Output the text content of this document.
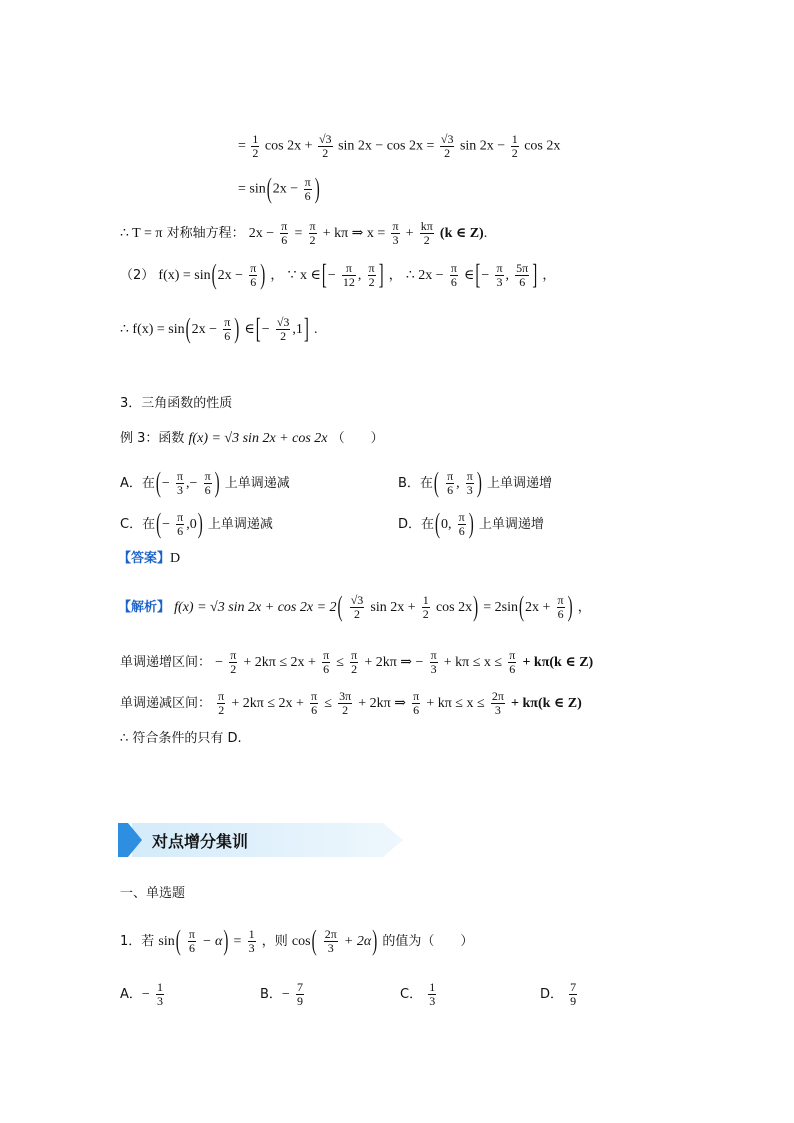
= $\frac{1}{2}$ $\cos 2x + \frac{√3}{2}$ $\sin 2x - \cos 2x = \frac{√3}{2}$ $\sin 2x - \frac{1}{2}$ cos 2x
= $\sin(2x - \frac{\pi}{6}$ )
∴ T = π 对称轴方程： $2x - \frac{\pi}{6} = \frac{\pi}{2} + k\pi$ ⇒ $x = \frac{\pi}{3} + \frac{k\pi}{2} (k$ ∈ Z).
（2） $f(x) = \sin(2x - \frac{\pi}{6}$ ) ， ∵ x ∈[− $\frac{\pi}{12}$ , $\frac{\pi}{2}$ ] ， ∴ $2x - \frac{\pi}{6}$ ∈[− $\frac{\pi}{3}$ , $\frac{5\pi}{6}$ ] ，
∴ $f(x) = \sin(2x - \frac{\pi}{6}$ ) ∈[− $\frac{√3}{2} ,1$] .
3．三角函数的性质
例 3：函数 f(x) = √3 sin 2x + cos 2x （　　）
A．在(− $\frac{\pi}{3}$ ,− $\frac{\pi}{6}$ ) 上单调递减	B．在( $\frac{\pi}{6}$ , $\frac{\pi}{3}$ ) 上单调递增
C．在(− $\frac{\pi}{6} ,0$) 上单调递减	D．在(0, $\frac{\pi}{6}$ ) 上单调递增
【答案】D
【解析】 f(x) = √3 $\sin 2x + \cos 2x = 2( \frac{√3}{2}$ $\sin 2x + \frac{1}{2}$ $\cos 2x) = 2\sin(2x + \frac{\pi}{6}$ ) ，
单调递增区间： − $\frac{\pi}{2} + 2k\pi \le 2x + \frac{\pi}{6} \le \frac{\pi}{2} + 2k\pi$ ⇒ − $\frac{\pi}{3} + k\pi \le x \le \frac{\pi}{6} + k\pi(k$ ∈ Z)
单调递减区间： $\frac{\pi}{2} + 2k\pi \le 2x + \frac{\pi}{6} \le \frac{3\pi}{2} + 2k\pi$ ⇒ $\frac{\pi}{6} + k\pi \le x \le \frac{2\pi}{3} + k\pi(k$ ∈ Z)
∴ 符合条件的只有 D.
对点增分集训
一、单选题
1．若 $\sin( \frac{\pi}{6} - \alpha) = \frac{1}{3}$ ，则 $\cos( \frac{2\pi}{3} + 2\alpha)$ 的值为（　　）
A．− $\frac{1}{3}$	B．− $\frac{7}{9}$	C． $\frac{1}{3}$	D． $\frac{7}{9}$
